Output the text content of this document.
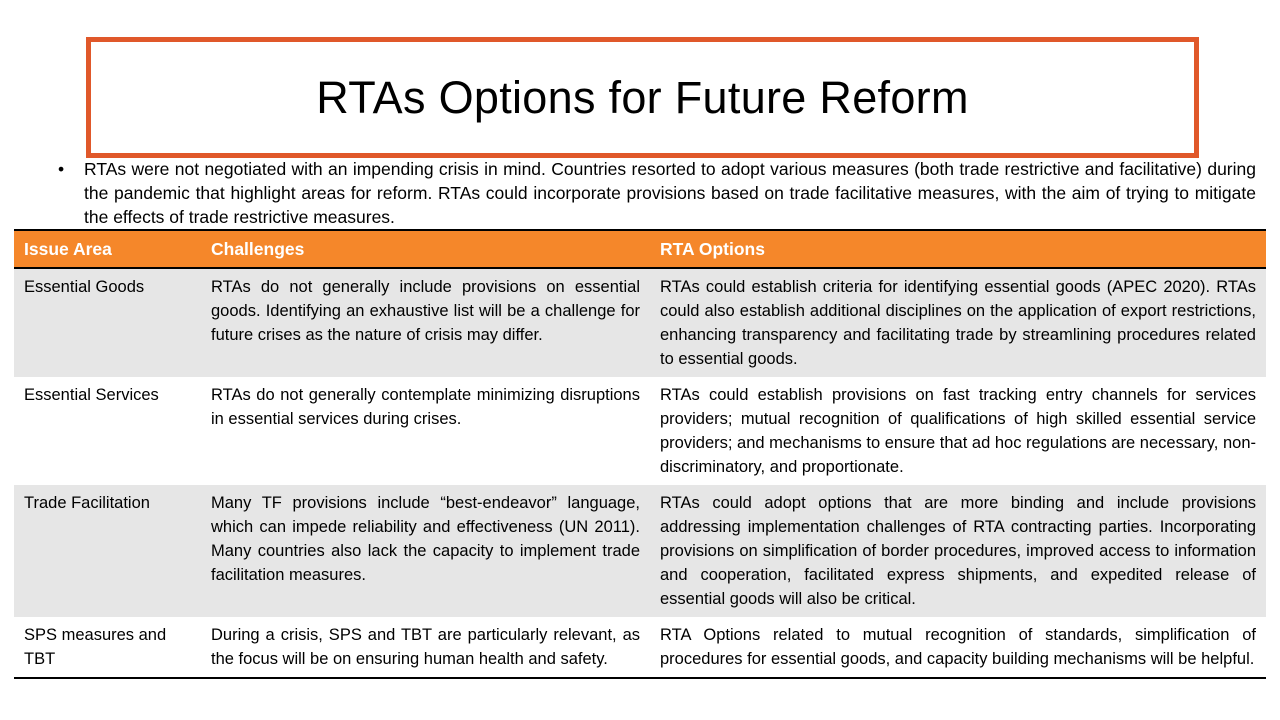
RTAs Options for Future Reform
•	RTAs were not negotiated with an impending crisis in mind. Countries resorted to adopt various measures (both trade restrictive and facilitative) during the pandemic that highlight areas for reform. RTAs could incorporate provisions based on trade facilitative measures, with the aim of trying to mitigate the effects of trade restrictive measures.

Issue Area	Challenges	RTA Options
Essential Goods	RTAs do not generally include provisions on essential goods. Identifying an exhaustive list will be a challenge for future crises as the nature of crisis may differ.	RTAs could establish criteria for identifying essential goods (APEC 2020). RTAs could also establish additional disciplines on the application of export restrictions, enhancing transparency and facilitating trade by streamlining procedures related to essential goods.
Essential Services	RTAs do not generally contemplate minimizing disruptions in essential services during crises.	RTAs could establish provisions on fast tracking entry channels for services providers; mutual recognition of qualifications of high skilled essential service providers; and mechanisms to ensure that ad hoc regulations are necessary, non-discriminatory, and proportionate.
Trade Facilitation	Many TF provisions include “best-endeavor” language, which can impede reliability and effectiveness (UN 2011). Many countries also lack the capacity to implement trade facilitation measures.	RTAs could adopt options that are more binding and include provisions addressing implementation challenges of RTA contracting parties. Incorporating provisions on simplification of border procedures, improved access to information and cooperation, facilitated express shipments, and expedited release of essential goods will also be critical.
SPS measures and TBT	During a crisis, SPS and TBT are particularly relevant, as the focus will be on ensuring human health and safety.	RTA Options related to mutual recognition of standards, simplification of procedures for essential goods, and capacity building mechanisms will be helpful.
